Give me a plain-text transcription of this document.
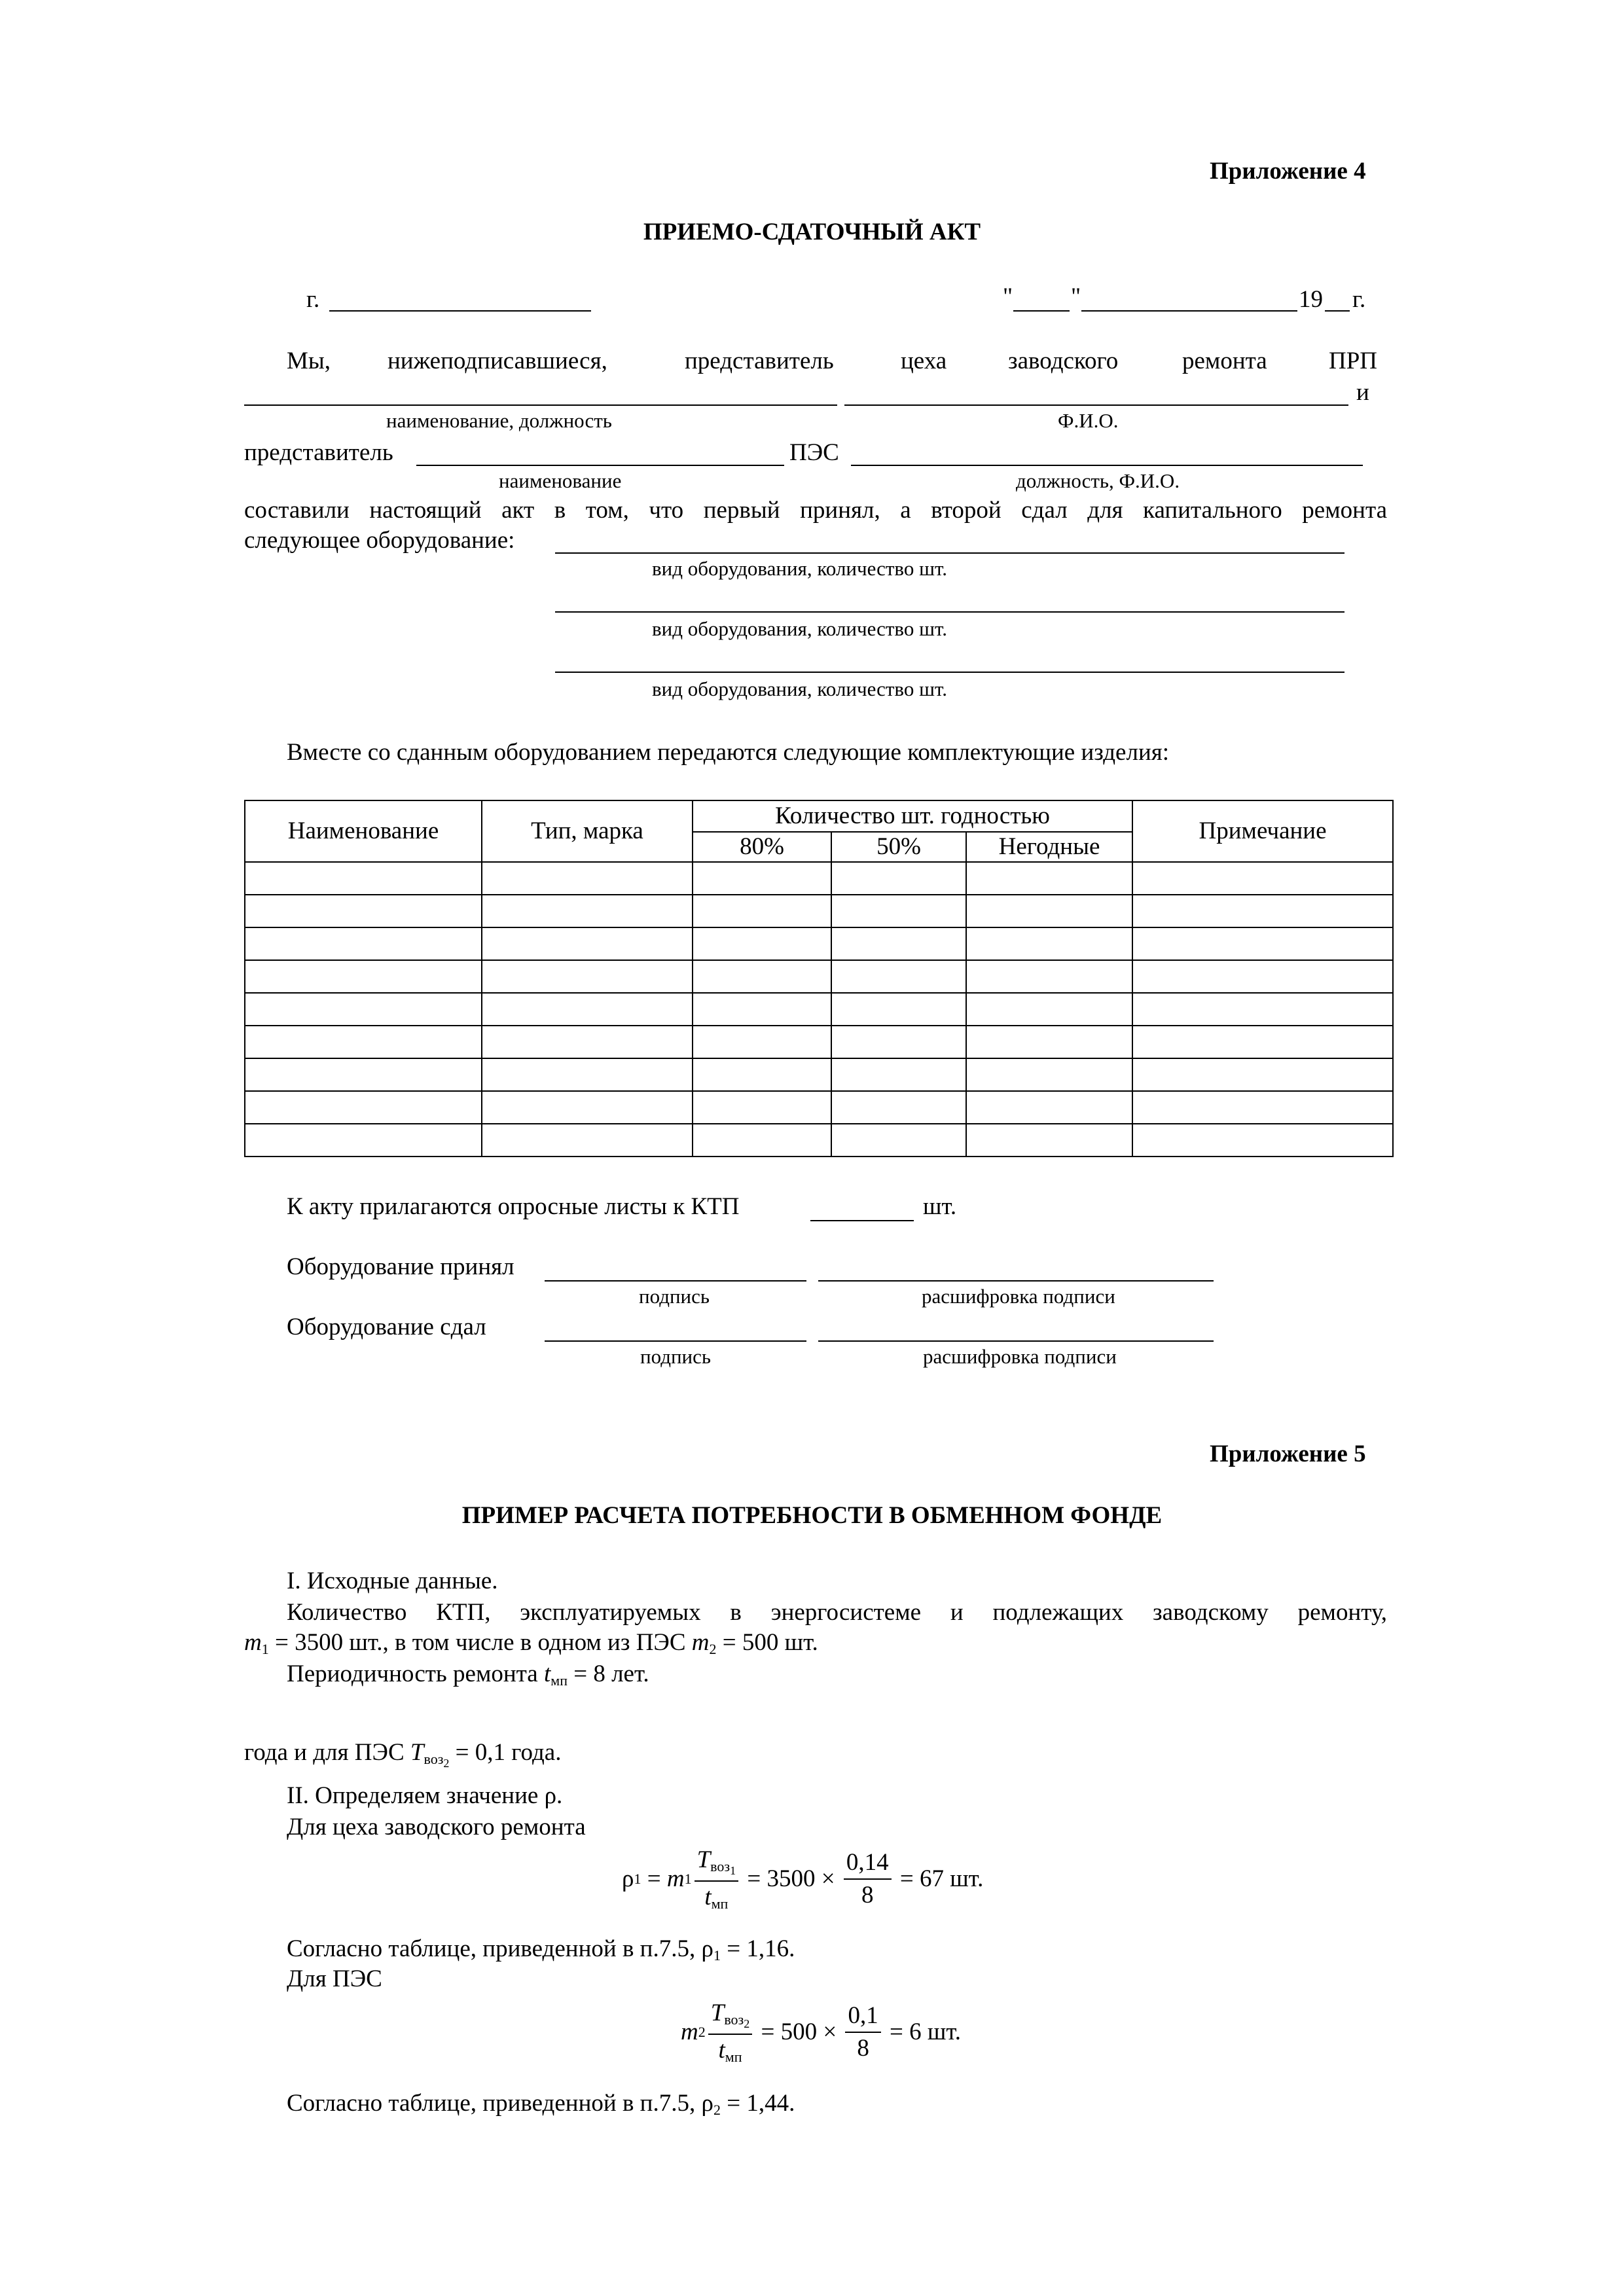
Приложение 4
ПРИЕМО-СДАТОЧНЫЙ АКТ
г.	" "	19 г.
Мы, нижеподписавшиеся,	представитель	цеха	заводского	ремонта	ПРП
и
наименование, должность	Ф.И.О.
представитель	ПЭС
наименование	должность, Ф.И.О.
составили настоящий акт в том, что первый принял, а второй сдал для капитального ремонта
следующее оборудование:
вид оборудования, количество шт.
вид оборудования, количество шт.
вид оборудования, количество шт.
Вместе со сданным оборудованием передаются следующие комплектующие изделия:
Наименование	Тип, марка	Количество шт. годностью			Примечание
		80%	50%	Негодные	

К акту прилагаются опросные листы к КТП	шт.
Оборудование принял
подпись	расшифровка подписи
Оборудование сдал
подпись	расшифровка подписи
Приложение 5
ПРИМЕР РАСЧЕТА ПОТРЕБНОСТИ В ОБМЕННОМ ФОНДЕ
I. Исходные данные.
Количество КТП, эксплуатируемых в энергосистеме и подлежащих заводскому ремонту,
$m_1 = 3500$ шт., в том числе в одном из ПЭС $m_2 = 500$ шт.
Периодичность ремонта $t_{мп} = 8$ лет.
года и для ПЭС $T_{воз_2} = 0,1$ года.
II. Определяем значение ρ.
Для цеха заводского ремонта
ρ 1 = m $1 \frac{T_{воз_1}}{t_{мп}} = 3500 \times \frac{0,14}{8} = 67$ шт.
Согласно таблице, приведенной в п.7.5, $\rho_1 = 1,16$.
Для ПЭС
m $2 \frac{T_{воз_2}}{t_{мп}} = 500 \times \frac{0,1}{8} = 6$ шт.
Согласно таблице, приведенной в п.7.5, $\rho_2 = 1,44$.
